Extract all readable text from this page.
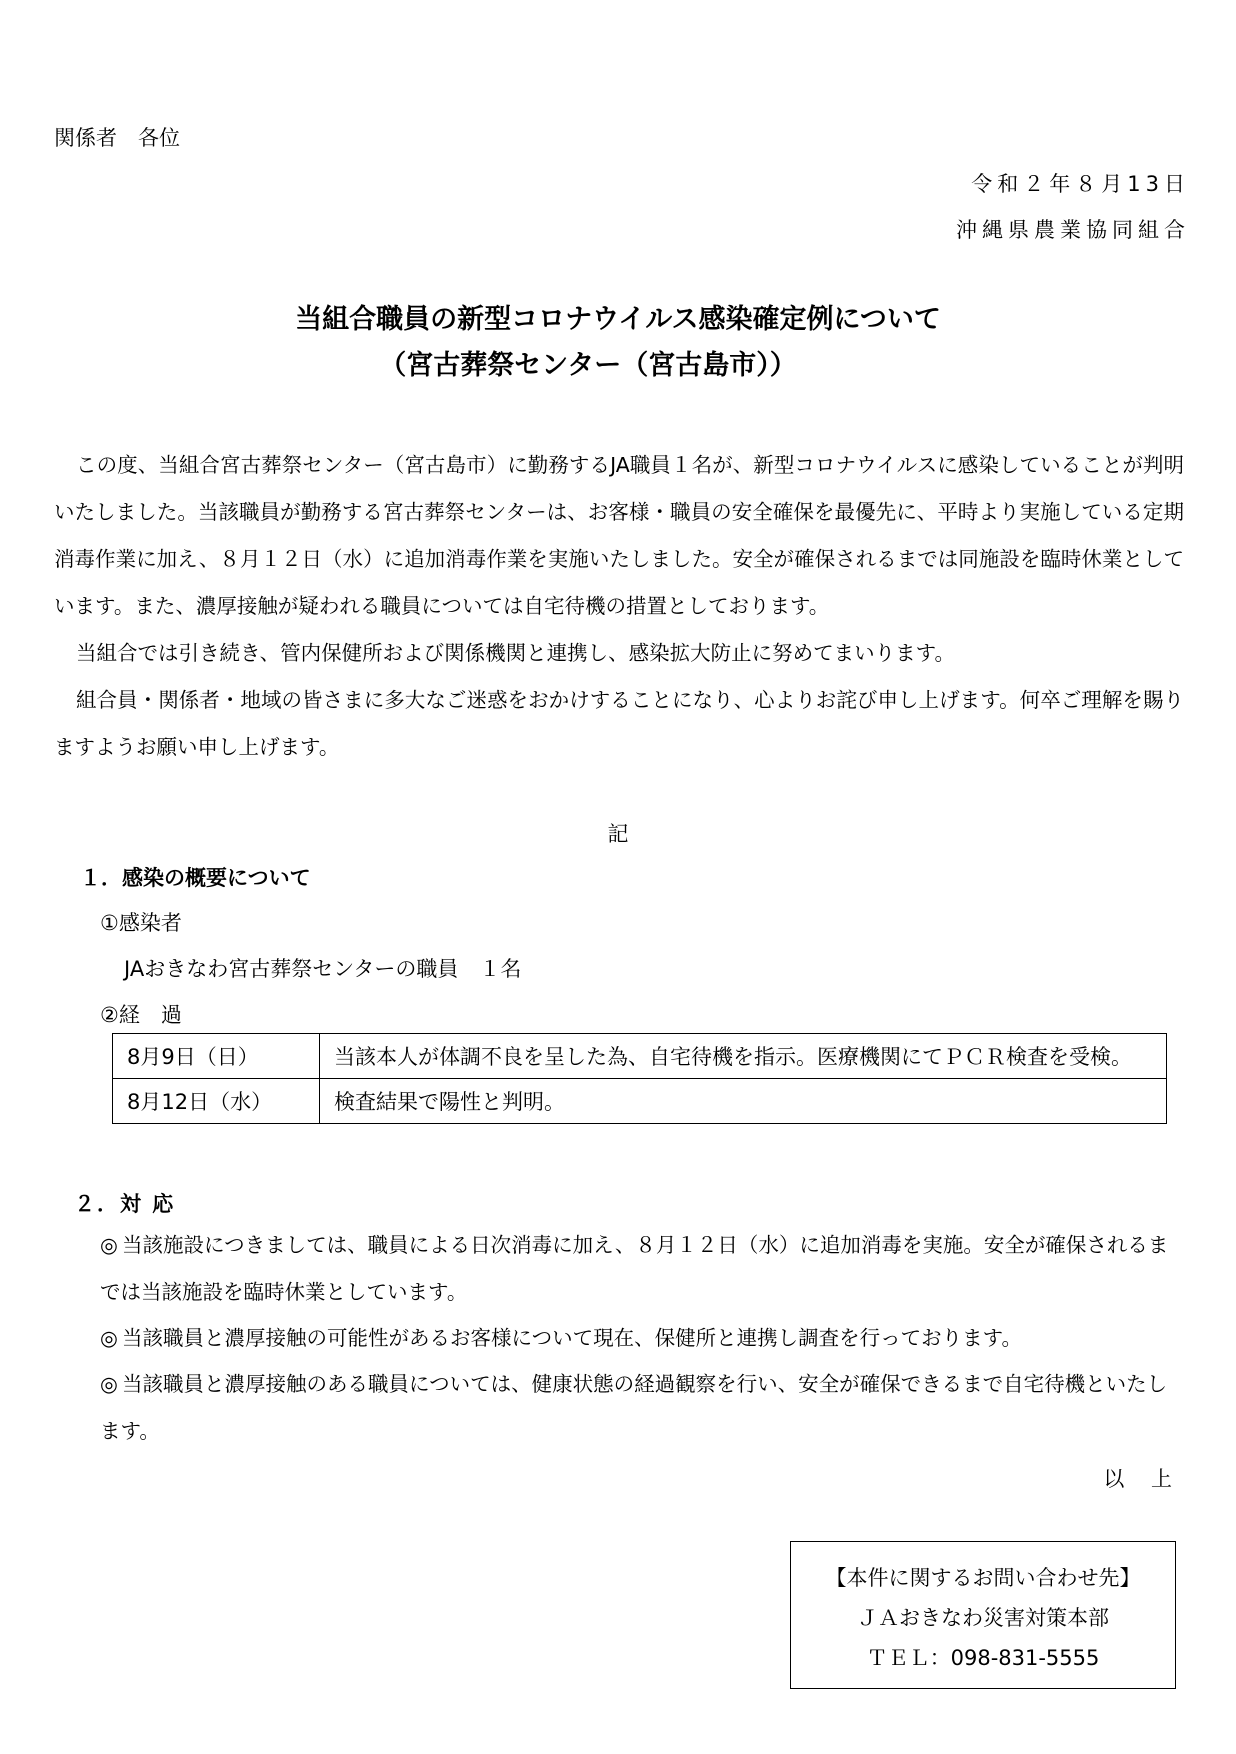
関係者　各位
令和２年８月13日
沖縄県農業協同組合
当組合職員の新型コロナウイルス感染確定例について
（宮古葬祭センター（宮古島市））

この度、当組合宮古葬祭センター（宮古島市）に勤務するJA職員１名が、新型コロナウイルスに感染していることが判明いたしました。当該職員が勤務する宮古葬祭センターは、お客様・職員の安全確保を最優先に、平時より実施している定期消毒作業に加え、８月１２日（水）に追加消毒作業を実施いたしました。安全が確保されるまでは同施設を臨時休業としています。また、濃厚接触が疑われる職員については自宅待機の措置としております。

当組合では引き続き、管内保健所および関係機関と連携し、感染拡大防止に努めてまいります。

組合員・関係者・地域の皆さまに多大なご迷惑をおかけすることになり、心よりお詫び申し上げます。何卒ご理解を賜りますようお願い申し上げます。

記
１．感染の概要について
①感染者
JAおきなわ宮古葬祭センターの職員　１名
②経　過
8月9日（日）	当該本人が体調不良を呈した為、自宅待機を指示。医療機関にてＰＣＲ検査を受検。
8月12日（水）	検査結果で陽性と判明。
２．対 応
◎ 当該施設につきましては、職員による日次消毒に加え、８月１２日（水）に追加消毒を実施。安全が確保されるまでは当該施設を臨時休業としています。
◎ 当該職員と濃厚接触の可能性があるお客様について現在、保健所と連携し調査を行っております。
◎ 当該職員と濃厚接触のある職員については、健康状態の経過観察を行い、安全が確保できるまで自宅待機といたします。
以 上
【本件に関するお問い合わせ先】
ＪＡおきなわ災害対策本部
ＴＥＬ：098-831-5555
